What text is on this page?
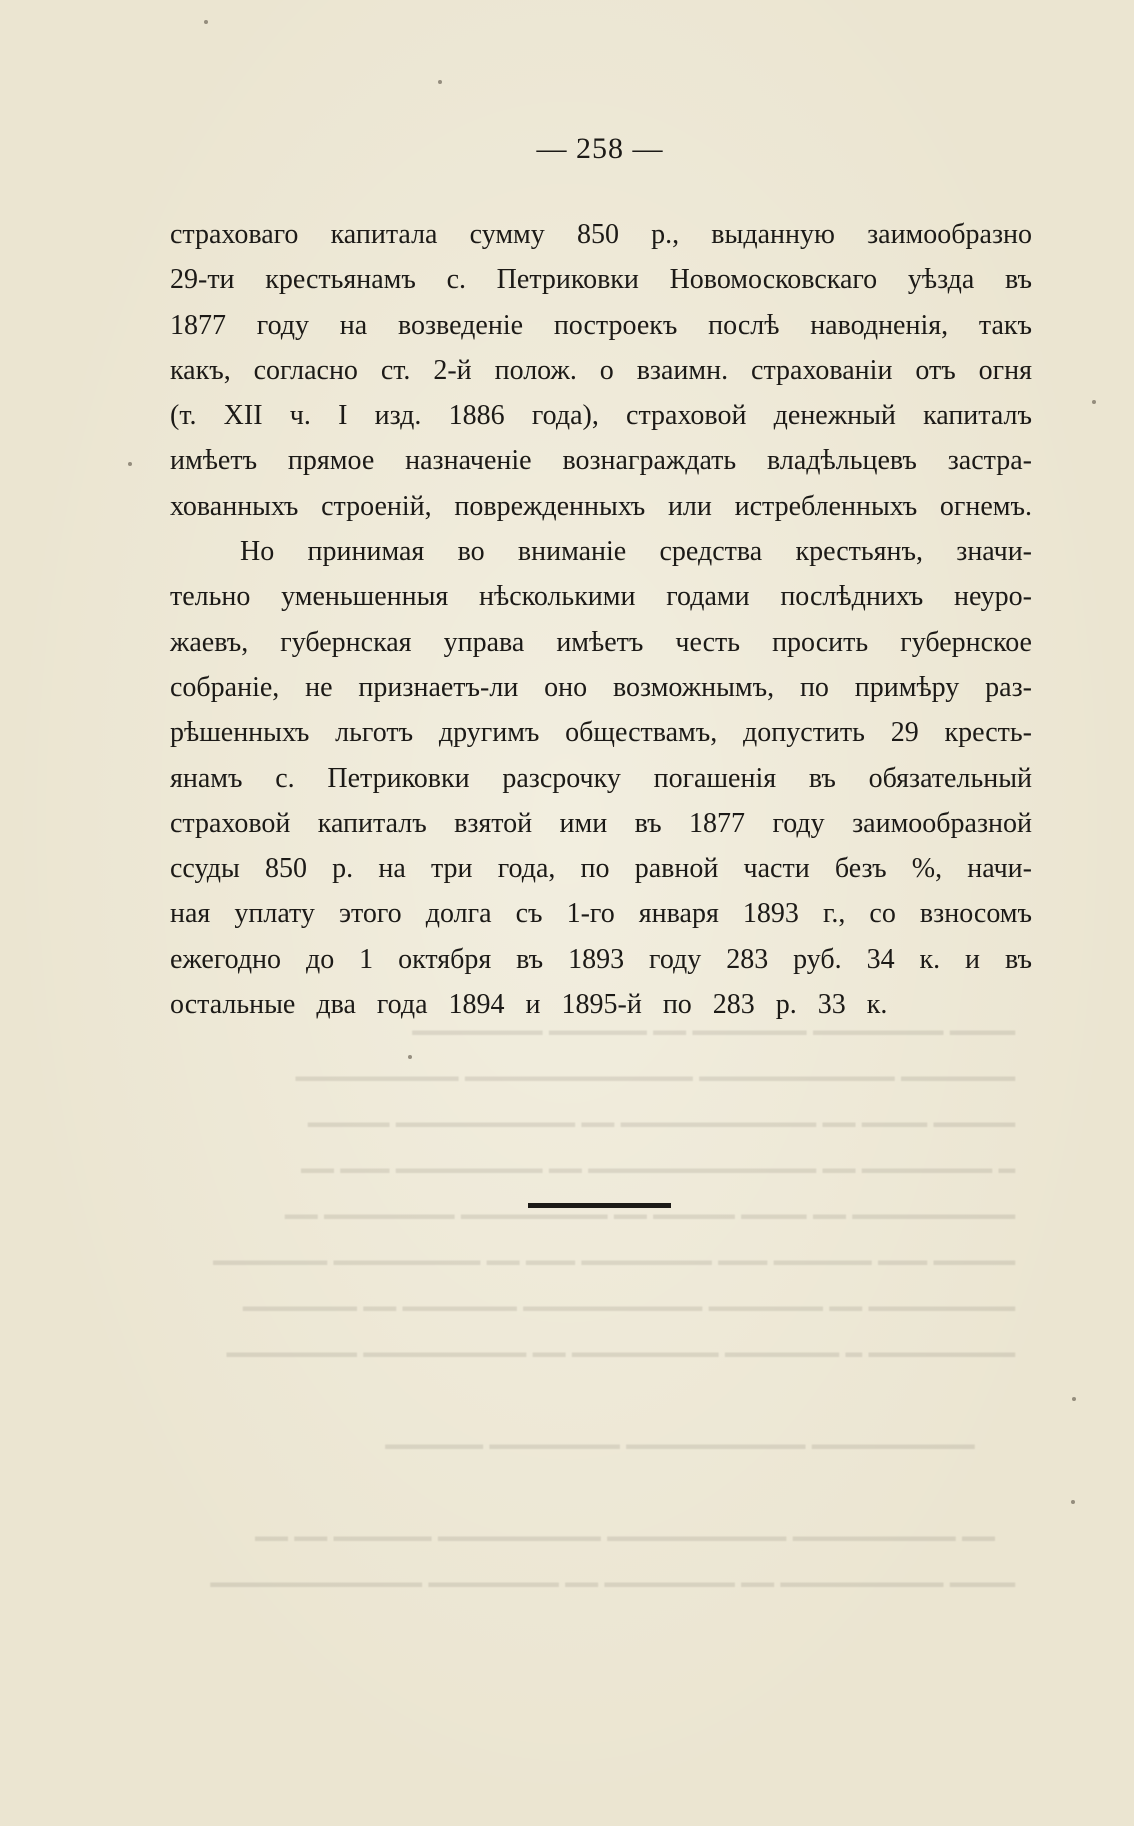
━━━━ ━━━━━━━━ ━━━━━━━ ━━ ━━━━━━ ━━━━━━━━
━━━━━━━ ━━━━━━━━━━━━ ━━━━━━━━━━━━━━ ━━━━━━━━━━
━━━━━ ━━━━ ━━ ━━━━━━━━━━━━ ━━ ━━━━━━━━━━━ ━━━━━
━ ━━━━━━━━ ━━ ━━━━━━━━━━━━━━ ━━ ━━━━━━━━━ ━━━ ━━
━━━━━━━━━━ ━━ ━━━━ ━━━━━ ━━ ━━━━━━━━━ ━━━━━━━━ ━━
━━━━━ ━━━ ━━━━━━ ━━━ ━━━━━━━━ ━━━ ━━ ━━━━━━━━━ ━━━━━━━
━━━━━━━━━ ━━ ━━━━━━━ ━━━━━━━━━━━ ━━━━━━━ ━━ ━━━━━━━
━━━━━━━━━ ━ ━━━━━━━ ━━━━━━━━━ ━━ ━━━━━━━━━━ ━━━━━━━━

━━━━━━━━━━ ━━━━━━━━━━━ ━━━━━━━━ ━━━━━━

━━ ━━━━━━━━━━ ━━━━━━━━━━━ ━━━━━━━━━━ ━━━━━━ ━━ ━━
━━━━ ━━━━━━━━━━ ━━ ━━━━━━━━ ━━ ━━━━━━━━ ━━━━━━━━━━━━━
— 258 —
страховаго капитала сумму 850 р., выданную заимообразно
29-ти крестьянамъ с. Петриковки Новомосковскаго уѣзда въ
1877 году на возведеніе построекъ послѣ наводненія, такъ
какъ, согласно ст. 2-й полож. о взаимн. страхованіи отъ огня
(т. XII ч. I изд. 1886 года), страховой денежный капиталъ
имѣетъ прямое назначеніе вознаграждать владѣльцевъ застра-
хованныхъ строеній, поврежденныхъ или истребленныхъ огнемъ.
Но принимая во вниманіе средства крестьянъ, значи-
тельно уменьшенныя нѣсколькими годами послѣднихъ неуро-
жаевъ, губернская управа имѣетъ честь просить губернское
собраніе, не признаетъ-ли оно возможнымъ, по примѣру раз-
рѣшенныхъ льготъ другимъ обществамъ, допустить 29 кресть-
янамъ с. Петриковки разсрочку погашенія въ обязательный
страховой капиталъ взятой ими въ 1877 году заимообразной
ссуды 850 р. на три года, по равной части безъ %, начи-
ная уплату этого долга съ 1-го января 1893 г., со взносомъ
ежегодно до 1 октября въ 1893 году 283 руб. 34 к. и въ
остальные два года 1894 и 1895-й по 283 р. 33 к.
